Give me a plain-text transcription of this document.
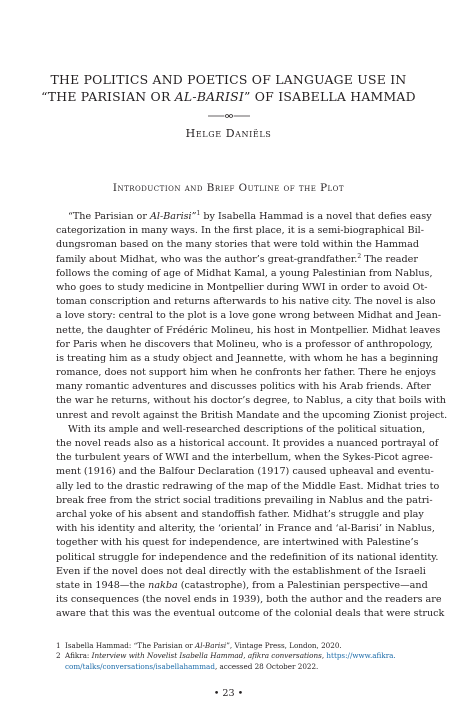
THE POLITICS AND POETICS OF LANGUAGE USE IN
“THE PARISIAN OR AL-BARISI” OF ISABELLA HAMMAD
Helge Daniëls
Introduction and Brief Outline of the Plot
“The Parisian or Al-Barisi”$^1$ by Isabella Hammad is a novel that defies easy
categorization in many ways. In the first place, it is a semi-biographical Bil-
dungsroman based on the many stories that were told within the Hammad
family about Midhat, who was the author’s great-grandfather.$^2$ The reader
follows the coming of age of Midhat Kamal, a young Palestinian from Nablus,
who goes to study medicine in Montpellier during WWI in order to avoid Ot-
toman conscription and returns afterwards to his native city. The novel is also
a love story: central to the plot is a love gone wrong between Midhat and Jean-
nette, the daughter of Frédéric Molineu, his host in Montpellier. Midhat leaves
for Paris when he discovers that Molineu, who is a professor of anthropology,
is treating him as a study object and Jeannette, with whom he has a beginning
romance, does not support him when he confronts her father. There he enjoys
many romantic adventures and discusses politics with his Arab friends. After
the war he returns, without his doctor’s degree, to Nablus, a city that boils with
unrest and revolt against the British Mandate and the upcoming Zionist project.
With its ample and well-researched descriptions of the political situation,
the novel reads also as a historical account. It provides a nuanced portrayal of
the turbulent years of WWI and the interbellum, when the Sykes-Picot agree-
ment (1916) and the Balfour Declaration (1917) caused upheaval and eventu-
ally led to the drastic redrawing of the map of the Middle East. Midhat tries to
break free from the strict social traditions prevailing in Nablus and the patri-
archal yoke of his absent and standoffish father. Midhat’s struggle and play
with his identity and alterity, the ‘oriental’ in France and ‘al-Barisi’ in Nablus,
together with his quest for independence, are intertwined with Palestine’s
political struggle for independence and the redefinition of its national identity.
Even if the novel does not deal directly with the establishment of the Israeli
state in 1948—the nakba (catastrophe), from a Palestinian perspective—and
its consequences (the novel ends in 1939), both the author and the readers are
aware that this was the eventual outcome of the colonial deals that were struck
1 Isabella Hammad: “The Parisian or Al-Barisi”, Vintage Press, London, 2020.
2 Afikra: Interview with Novelist Isabella Hammad, afikra conversations, https://www.afikra.
com/talks/conversations/isabellahammad, accessed 28 October 2022.
• 23 •
